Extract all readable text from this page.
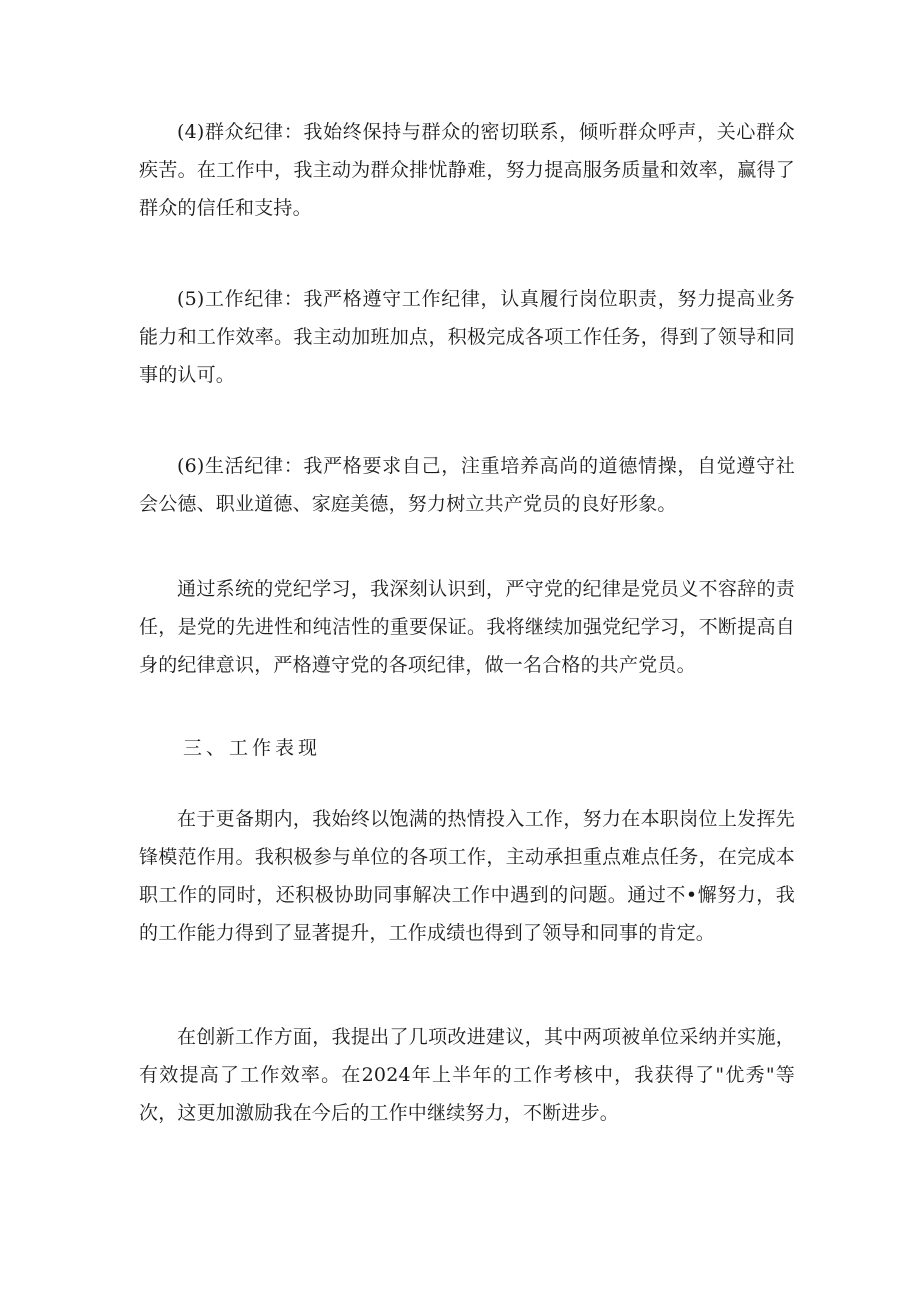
(4)群众纪律：我始终保持与群众的密切联系，倾听群众呼声，关心群众疾苦。在工作中，我主动为群众排忧静难，努力提高服务质量和效率，赢得了群众的信任和支持。

(5)工作纪律：我严格遵守工作纪律，认真履行岗位职责，努力提高业务能力和工作效率。我主动加班加点，积极完成各项工作任务，得到了领导和同事的认可。

(6)生活纪律：我严格要求自己，注重培养高尚的道德情操，自觉遵守社会公德、职业道德、家庭美德，努力树立共产党员的良好形象。

通过系统的党纪学习，我深刻认识到，严守党的纪律是党员义不容辞的责任，是党的先进性和纯洁性的重要保证。我将继续加强党纪学习，不断提高自身的纪律意识，严格遵守党的各项纪律，做一名合格的共产党员。

三、工作表现

在于更备期内，我始终以饱满的热情投入工作，努力在本职岗位上发挥先锋模范作用。我积极参与单位的各项工作，主动承担重点难点任务，在完成本职工作的同时，还积极协助同事解决工作中遇到的问题。通过不•懈努力，我的工作能力得到了显著提升，工作成绩也得到了领导和同事的肯定。

在创新工作方面，我提出了几项改进建议，其中两项被单位采纳并实施，有效提高了工作效率。在2024年上半年的工作考核中，我获得了"优秀"等次，这更加激励我在今后的工作中继续努力，不断进步。
